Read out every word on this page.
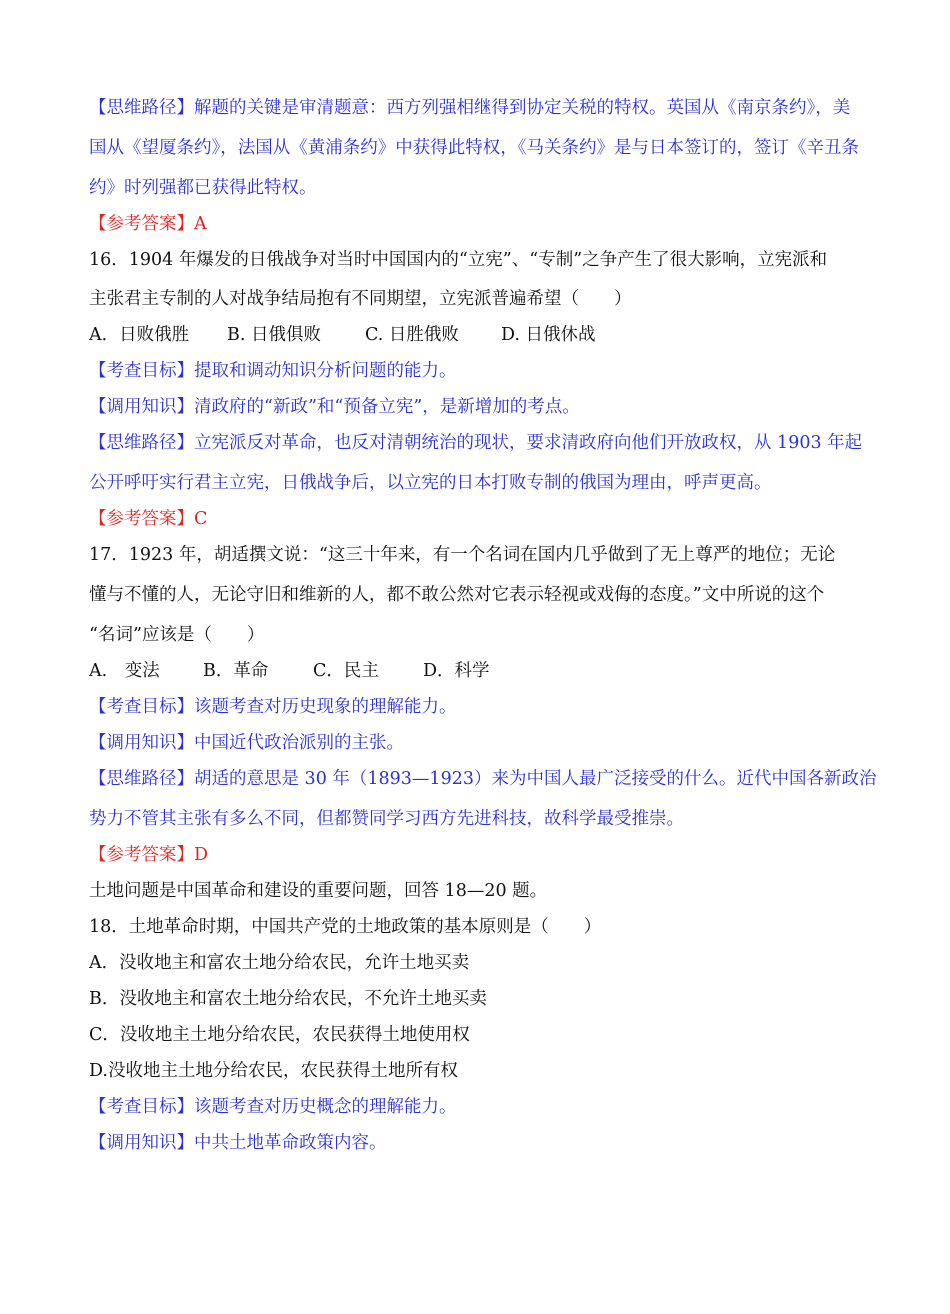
【思维路径】解题的关键是审清题意：西方列强相继得到协定关税的特权。英国从《南京条约》，美
国从《望厦条约》，法国从《黄浦条约》中获得此特权，《马关条约》是与日本签订的，签订《辛丑条
约》时列强都已获得此特权。
【参考答案】A
16．1904 年爆发的日俄战争对当时中国国内的“立宪”、“专制”之争产生了很大影响，立宪派和
主张君主专制的人对战争结局抱有不同期望，立宪派普遍希望（　　）
A．日败俄胜 B. 日俄俱败	C. 日胜俄败 D. 日俄休战
【考查目标】提取和调动知识分析问题的能力。
【调用知识】清政府的“新政”和“预备立宪”，是新增加的考点。
【思维路径】立宪派反对革命，也反对清朝统治的现状，要求清政府向他们开放政权，从 1903 年起
公开呼吁实行君主立宪，日俄战争后，以立宪的日本打败专制的俄国为理由，呼声更高。
【参考答案】C
17．1923 年，胡适撰文说：“这三十年来，有一个名词在国内几乎做到了无上尊严的地位；无论
懂与不懂的人，无论守旧和维新的人，都不敢公然对它表示轻视或戏侮的态度。”文中所说的这个
“名词”应该是（　　）
A.　变法 B．革命	C．民主	D．科学
【考查目标】该题考查对历史现象的理解能力。
【调用知识】中国近代政治派别的主张。
【思维路径】胡适的意思是 30 年（1893—1923）来为中国人最广泛接受的什么。近代中国各新政治
势力不管其主张有多么不同，但都赞同学习西方先进科技，故科学最受推崇。
【参考答案】D
土地问题是中国革命和建设的重要问题，回答 18—20 题。
18．土地革命时期，中国共产党的土地政策的基本原则是（　　）
A．没收地主和富农土地分给农民，允许土地买卖
B．没收地主和富农土地分给农民，不允许土地买卖
C．没收地主土地分给农民，农民获得土地使用权
D.没收地主土地分给农民，农民获得土地所有权
【考查目标】该题考查对历史概念的理解能力。
【调用知识】中共土地革命政策内容。
